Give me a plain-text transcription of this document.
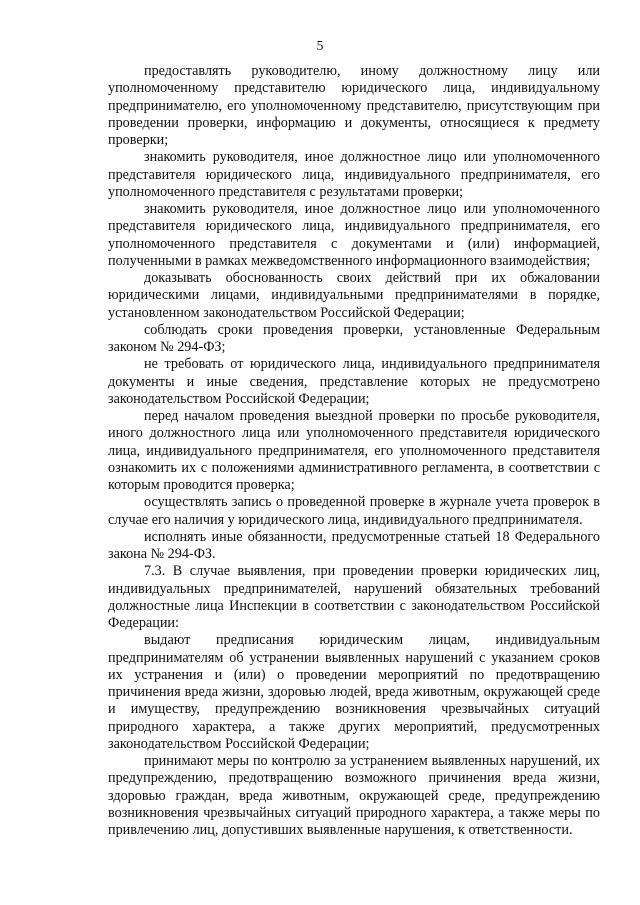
5

предоставлять руководителю, иному должностному лицу или уполномоченному представителю юридического лица, индивидуальному предпринимателю, его уполномоченному представителю, присутствующим при проведении проверки, информацию и документы, относящиеся к предмету проверки;

знакомить руководителя, иное должностное лицо или уполномоченного представителя юридического лица, индивидуального предпринимателя, его уполномоченного представителя с результатами проверки;

знакомить руководителя, иное должностное лицо или уполномоченного представителя юридического лица, индивидуального предпринимателя, его уполномоченного представителя с документами и (или) информацией, полученными в рамках межведомственного информационного взаимодействия;

доказывать обоснованность своих действий при их обжаловании юридическими лицами, индивидуальными предпринимателями в порядке, установленном законодательством Российской Федерации;

соблюдать сроки проведения проверки, установленные Федеральным законом № 294-ФЗ;

не требовать от юридического лица, индивидуального предпринимателя документы и иные сведения, представление которых не предусмотрено законодательством Российской Федерации;

перед началом проведения выездной проверки по просьбе руководителя, иного должностного лица или уполномоченного представителя юридического лица, индивидуального предпринимателя, его уполномоченного представителя ознакомить их с положениями административного регламента, в соответствии с которым проводится проверка;

осуществлять запись о проведенной проверке в журнале учета проверок в случае его наличия у юридического лица, индивидуального предпринимателя.

исполнять иные обязанности, предусмотренные статьей 18 Федерального закона № 294-ФЗ.

7.3. В случае выявления, при проведении проверки юридических лиц, индивидуальных предпринимателей, нарушений обязательных требований должностные лица Инспекции в соответствии с законодательством Российской Федерации:

выдают предписания юридическим лицам, индивидуальным предпринимателям об устранении выявленных нарушений с указанием сроков их устранения и (или) о проведении мероприятий по предотвращению причинения вреда жизни, здоровью людей, вреда животным, окружающей среде и имуществу, предупреждению возникновения чрезвычайных ситуаций природного характера, а также других мероприятий, предусмотренных законодательством Российской Федерации;

принимают меры по контролю за устранением выявленных нарушений, их предупреждению, предотвращению возможного причинения вреда жизни, здоровью граждан, вреда животным, окружающей среде, предупреждению возникновения чрезвычайных ситуаций природного характера, а также меры по привлечению лиц, допустивших выявленные нарушения, к ответственности.
